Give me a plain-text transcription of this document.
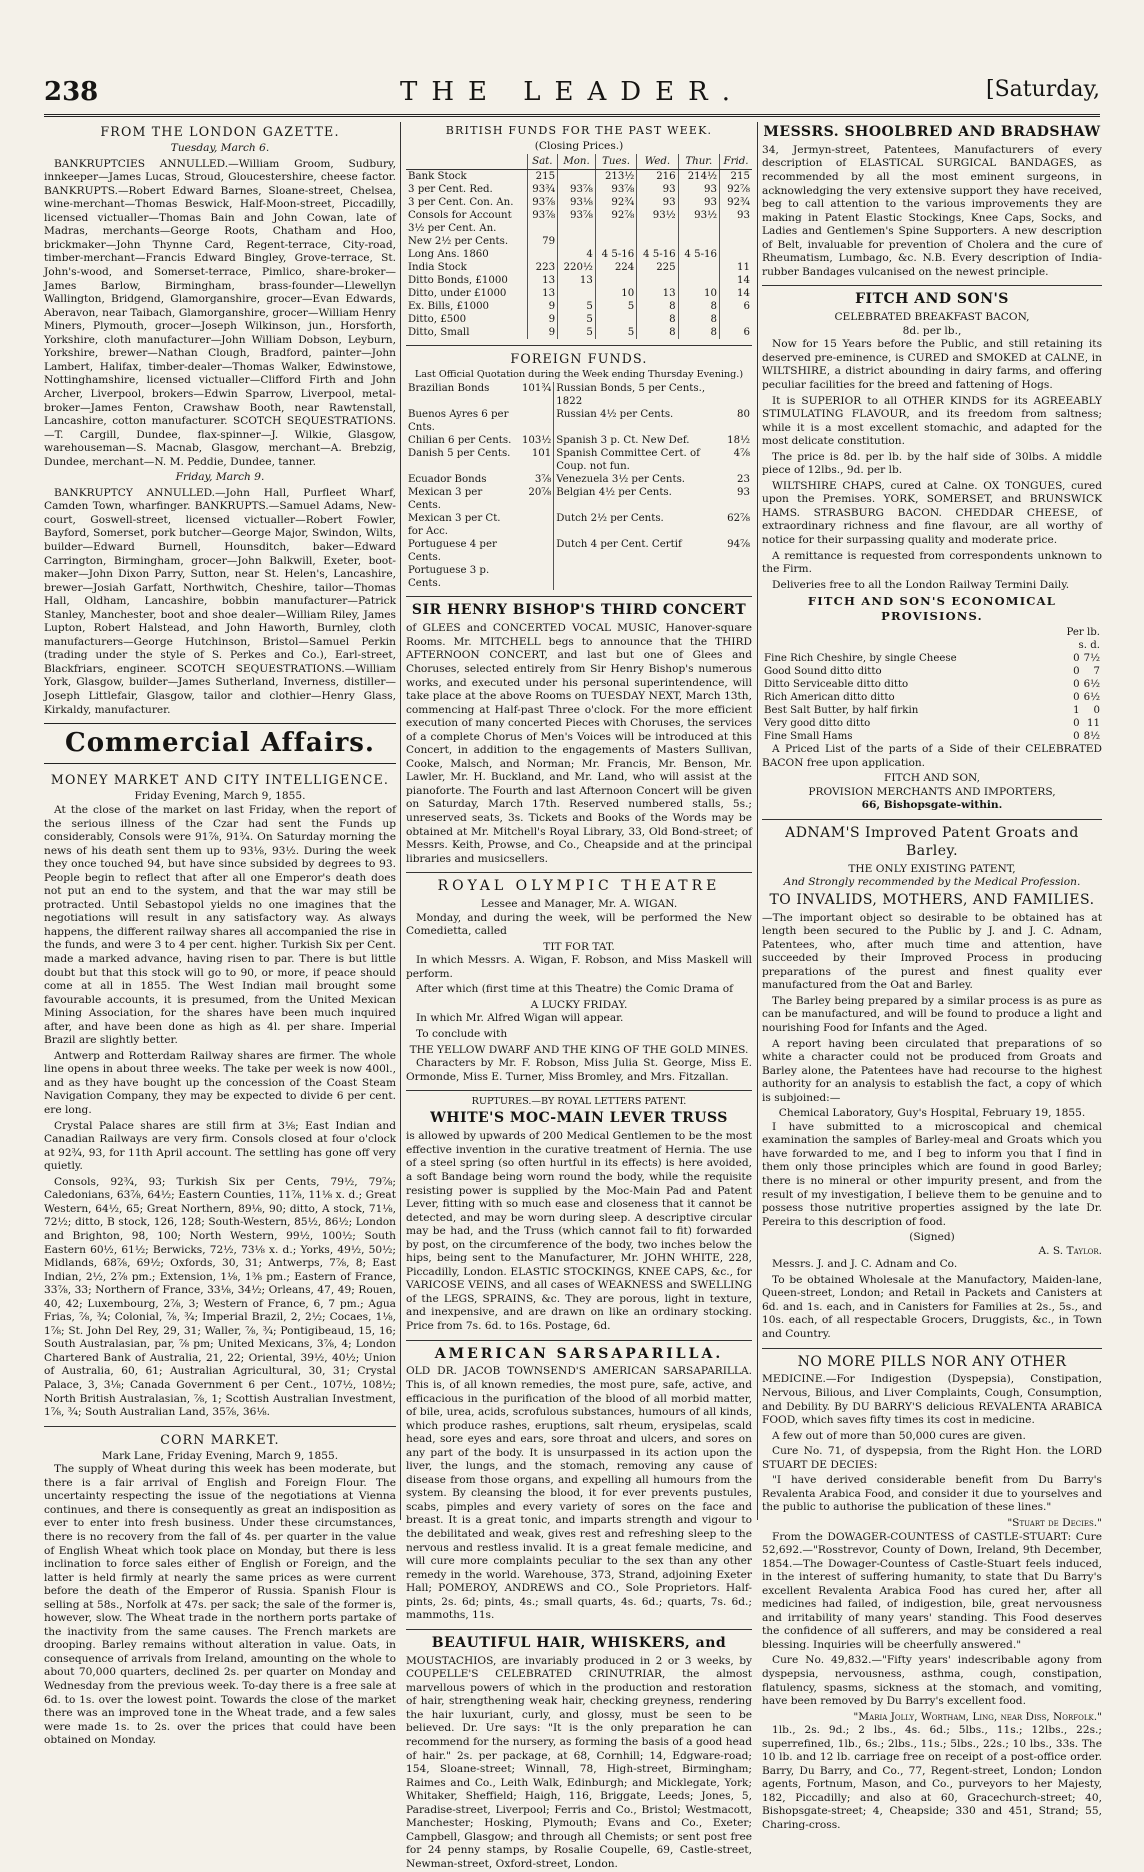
238	THE LEADER.	[Saturday,
FROM THE LONDON GAZETTE.
Tuesday, March 6.

BANKRUPTCIES ANNULLED.—William Groom, Sudbury, innkeeper—James Lucas, Stroud, Gloucestershire, cheese factor. BANKRUPTS.—Robert Edward Barnes, Sloane-street, Chelsea, wine-merchant—Thomas Beswick, Half-Moon-street, Piccadilly, licensed victualler—Thomas Bain and John Cowan, late of Madras, merchants—George Roots, Chatham and Hoo, brickmaker—John Thynne Card, Regent-terrace, City-road, timber-merchant—Francis Edward Bingley, Grove-terrace, St. John's-wood, and Somerset-terrace, Pimlico, share-broker—James Barlow, Birmingham, brass-founder—Llewellyn Wallington, Bridgend, Glamorganshire, grocer—Evan Edwards, Aberavon, near Taibach, Glamorganshire, grocer—William Henry Miners, Plymouth, grocer—Joseph Wilkinson, jun., Horsforth, Yorkshire, cloth manufacturer—John William Dobson, Leyburn, Yorkshire, brewer—Nathan Clough, Bradford, painter—John Lambert, Halifax, timber-dealer—Thomas Walker, Edwinstowe, Nottinghamshire, licensed victualler—Clifford Firth and John Archer, Liverpool, brokers—Edwin Sparrow, Liverpool, metal-broker—James Fenton, Crawshaw Booth, near Rawtenstall, Lancashire, cotton manufacturer. SCOTCH SEQUESTRATIONS.—T. Cargill, Dundee, flax-spinner—J. Wilkie, Glasgow, warehouseman—S. Macnab, Glasgow, merchant—A. Brebzig, Dundee, merchant—N. M. Peddie, Dundee, tanner.

Friday, March 9.

BANKRUPTCY ANNULLED.—John Hall, Purfleet Wharf, Camden Town, wharfinger. BANKRUPTS.—Samuel Adams, New-court, Goswell-street, licensed victualler—Robert Fowler, Bayford, Somerset, pork butcher—George Major, Swindon, Wilts, builder—Edward Burnell, Hounsditch, baker—Edward Carrington, Birmingham, grocer—John Balkwill, Exeter, boot-maker—John Dixon Parry, Sutton, near St. Helen's, Lancashire, brewer—Josiah Garfatt, Northwitch, Cheshire, tailor—Thomas Hall, Oldham, Lancashire, bobbin manufacturer—Patrick Stanley, Manchester, boot and shoe dealer—William Riley, James Lupton, Robert Halstead, and John Haworth, Burnley, cloth manufacturers—George Hutchinson, Bristol—Samuel Perkin (trading under the style of S. Perkes and Co.), Earl-street, Blackfriars, engineer. SCOTCH SEQUESTRATIONS.—William York, Glasgow, builder—James Sutherland, Inverness, distiller—Joseph Littlefair, Glasgow, tailor and clothier—Henry Glass, Kirkaldy, manufacturer.

Commercial Affairs.
MONEY MARKET AND CITY INTELLIGENCE.
Friday Evening, March 9, 1855.

At the close of the market on last Friday, when the report of the serious illness of the Czar had sent the Funds up considerably, Consols were 91⅞, 91¾. On Saturday morning the news of his death sent them up to 93⅛, 93½. During the week they once touched 94, but have since subsided by degrees to 93. People begin to reflect that after all one Emperor's death does not put an end to the system, and that the war may still be protracted. Until Sebastopol yields no one imagines that the negotiations will result in any satisfactory way. As always happens, the different railway shares all accompanied the rise in the funds, and were 3 to 4 per cent. higher. Turkish Six per Cent. made a marked advance, having risen to par. There is but little doubt but that this stock will go to 90, or more, if peace should come at all in 1855. The West Indian mail brought some favourable accounts, it is presumed, from the United Mexican Mining Association, for the shares have been much inquired after, and have been done as high as 4l. per share. Imperial Brazil are slightly better.

Antwerp and Rotterdam Railway shares are firmer. The whole line opens in about three weeks. The take per week is now 400l., and as they have bought up the concession of the Coast Steam Navigation Company, they may be expected to divide 6 per cent. ere long.

Crystal Palace shares are still firm at 3⅛; East Indian and Canadian Railways are very firm. Consols closed at four o'clock at 92¾, 93, for 11th April account. The settling has gone off very quietly.

Consols, 92¾, 93; Turkish Six per Cents, 79½, 79⅞; Caledonians, 63⅞, 64½; Eastern Counties, 11⅞, 11⅛ x. d.; Great Western, 64½, 65; Great Northern, 89⅛, 90; ditto, A stock, 71⅛, 72½; ditto, B stock, 126, 128; South-Western, 85½, 86½; London and Brighton, 98, 100; North Western, 99½, 100½; South Eastern 60½, 61½; Berwicks, 72½, 73⅛ x. d.; Yorks, 49½, 50½; Midlands, 68⅞, 69½; Oxfords, 30, 31; Antwerps, 7⅞, 8; East Indian, 2½, 2⅞ pm.; Extension, 1⅛, 1⅜ pm.; Eastern of France, 33⅞, 33; Northern of France, 33⅛, 34½; Orleans, 47, 49; Rouen, 40, 42; Luxembourg, 2⅞, 3; Western of France, 6, 7 pm.; Agua Frias, ⅞, ¾; Colonial, ⅞, ¾; Imperial Brazil, 2, 2½; Cocaes, 1⅛, 1⅞; St. John Del Rey, 29, 31; Waller, ⅞, ¾; Pontigibeaud, 15, 16; South Australasian, par, ⅞ pm; United Mexicans, 3⅞, 4; London Chartered Bank of Australia, 21, 22; Oriental, 39½, 40½; Union of Australia, 60, 61; Australian Agricultural, 30, 31; Crystal Palace, 3, 3⅛; Canada Government 6 per Cent., 107½, 108½; North British Australasian, ⅞, 1; Scottish Australian Investment, 1⅞, ¾; South Australian Land, 35⅞, 36⅛.

CORN MARKET.
Mark Lane, Friday Evening, March 9, 1855.

The supply of Wheat during this week has been moderate, but there is a fair arrival of English and Foreign Flour. The uncertainty respecting the issue of the negotiations at Vienna continues, and there is consequently as great an indisposition as ever to enter into fresh business. Under these circumstances, there is no recovery from the fall of 4s. per quarter in the value of English Wheat which took place on Monday, but there is less inclination to force sales either of English or Foreign, and the latter is held firmly at nearly the same prices as were current before the death of the Emperor of Russia. Spanish Flour is selling at 58s., Norfolk at 47s. per sack; the sale of the former is, however, slow. The Wheat trade in the northern ports partake of the inactivity from the same causes. The French markets are drooping. Barley remains without alteration in value. Oats, in consequence of arrivals from Ireland, amounting on the whole to about 70,000 quarters, declined 2s. per quarter on Monday and Wednesday from the previous week. To-day there is a free sale at 6d. to 1s. over the lowest point. Towards the close of the market there was an improved tone in the Wheat trade, and a few sales were made 1s. to 2s. over the prices that could have been obtained on Monday.

BRITISH FUNDS FOR THE PAST WEEK.
(Closing Prices.)
	Sat.	Mon.	Tues.	Wed.	Thur.	Frid.
Bank Stock	215		213½	216	214½	215
3 per Cent. Red.	93¾	93⅞	93⅞	93	93	92⅞
3 per Cent. Con. An.	93⅞	93⅛	92¾	93	93	92¾
Consols for Account	93⅞	93⅞	92⅞	93½	93½	93
3½ per Cent. An.						
New 2½ per Cents.	79					
Long Ans. 1860		4	4 5-16	4 5-16	4 5-16	
India Stock	223	220½	224	225		11
Ditto Bonds, £1000	13	13				14
Ditto, under £1000	13		10	13	10	14
Ex. Bills, £1000	9	5	5	8	8	6
Ditto, £500	9	5		8	8	
Ditto, Small	9	5	5	8	8	6
FOREIGN FUNDS.
Last Official Quotation during the Week ending Thursday Evening.)
Brazilian Bonds	101¾	Russian Bonds, 5 per Cents., 1822	
Buenos Ayres 6 per Cnts.		Russian 4½ per Cents.	80
Chilian 6 per Cents.	103½	Spanish 3 p. Ct. New Def.	18½
Danish 5 per Cents.	101	Spanish Committee Cert. of Coup. not fun.	4⅞
Ecuador Bonds	3⅞	Venezuela 3½ per Cents.	23
Mexican 3 per Cents.	20⅞	Belgian 4½ per Cents.	93
Mexican 3 per Ct. for Acc.		Dutch 2½ per Cents.	62⅞
Portuguese 4 per Cents.		Dutch 4 per Cent. Certif	94⅞
Portuguese 3 p. Cents.			
SIR HENRY BISHOP'S THIRD CONCERT

of GLEES and CONCERTED VOCAL MUSIC, Hanover-square Rooms. Mr. MITCHELL begs to announce that the THIRD AFTERNOON CONCERT, and last but one of Glees and Choruses, selected entirely from Sir Henry Bishop's numerous works, and executed under his personal superintendence, will take place at the above Rooms on TUESDAY NEXT, March 13th, commencing at Half-past Three o'clock. For the more efficient execution of many concerted Pieces with Choruses, the services of a complete Chorus of Men's Voices will be introduced at this Concert, in addition to the engagements of Masters Sullivan, Cooke, Malsch, and Norman; Mr. Francis, Mr. Benson, Mr. Lawler, Mr. H. Buckland, and Mr. Land, who will assist at the pianoforte. The Fourth and last Afternoon Concert will be given on Saturday, March 17th. Reserved numbered stalls, 5s.; unreserved seats, 3s. Tickets and Books of the Words may be obtained at Mr. Mitchell's Royal Library, 33, Old Bond-street; of Messrs. Keith, Prowse, and Co., Cheapside and at the principal libraries and musicsellers.

ROYAL OLYMPIC THEATRE
Lessee and Manager, Mr. A. WIGAN.

Monday, and during the week, will be performed the New Comedietta, called

TIT FOR TAT.

In which Messrs. A. Wigan, F. Robson, and Miss Maskell will perform.

After which (first time at this Theatre) the Comic Drama of

A LUCKY FRIDAY.

In which Mr. Alfred Wigan will appear.

To conclude with

THE YELLOW DWARF AND THE KING OF THE GOLD MINES.

Characters by Mr. F. Robson, Miss Julia St. George, Miss E. Ormonde, Miss E. Turner, Miss Bromley, and Mrs. Fitzallan.

RUPTURES.—BY ROYAL LETTERS PATENT.
WHITE'S MOC-MAIN LEVER TRUSS

is allowed by upwards of 200 Medical Gentlemen to be the most effective invention in the curative treatment of Hernia. The use of a steel spring (so often hurtful in its effects) is here avoided, a soft Bandage being worn round the body, while the requisite resisting power is supplied by the Moc-Main Pad and Patent Lever, fitting with so much ease and closeness that it cannot be detected, and may be worn during sleep. A descriptive circular may be had, and the Truss (which cannot fail to fit) forwarded by post, on the circumference of the body, two inches below the hips, being sent to the Manufacturer, Mr. JOHN WHITE, 228, Piccadilly, London. ELASTIC STOCKINGS, KNEE CAPS, &c., for VARICOSE VEINS, and all cases of WEAKNESS and SWELLING of the LEGS, SPRAINS, &c. They are porous, light in texture, and inexpensive, and are drawn on like an ordinary stocking. Price from 7s. 6d. to 16s. Postage, 6d.

AMERICAN SARSAPARILLA.

OLD DR. JACOB TOWNSEND'S AMERICAN SARSAPARILLA. This is, of all known remedies, the most pure, safe, active, and efficacious in the purification of the blood of all morbid matter, of bile, urea, acids, scrofulous substances, humours of all kinds, which produce rashes, eruptions, salt rheum, erysipelas, scald head, sore eyes and ears, sore throat and ulcers, and sores on any part of the body. It is unsurpassed in its action upon the liver, the lungs, and the stomach, removing any cause of disease from those organs, and expelling all humours from the system. By cleansing the blood, it for ever prevents pustules, scabs, pimples and every variety of sores on the face and breast. It is a great tonic, and imparts strength and vigour to the debilitated and weak, gives rest and refreshing sleep to the nervous and restless invalid. It is a great female medicine, and will cure more complaints peculiar to the sex than any other remedy in the world. Warehouse, 373, Strand, adjoining Exeter Hall; POMEROY, ANDREWS and CO., Sole Proprietors. Half-pints, 2s. 6d; pints, 4s.; small quarts, 4s. 6d.; quarts, 7s. 6d.; mammoths, 11s.

BEAUTIFUL HAIR, WHISKERS, and

MOUSTACHIOS, are invariably produced in 2 or 3 weeks, by COUPELLE'S CELEBRATED CRINUTRIAR, the almost marvellous powers of which in the production and restoration of hair, strengthening weak hair, checking greyness, rendering the hair luxuriant, curly, and glossy, must be seen to be believed. Dr. Ure says: "It is the only preparation he can recommend for the nursery, as forming the basis of a good head of hair." 2s. per package, at 68, Cornhill; 14, Edgware-road; 154, Sloane-street; Winnall, 78, High-street, Birmingham; Raimes and Co., Leith Walk, Edinburgh; and Micklegate, York; Whitaker, Sheffield; Haigh, 116, Briggate, Leeds; Jones, 5, Paradise-street, Liverpool; Ferris and Co., Bristol; Westmacott, Manchester; Hosking, Plymouth; Evans and Co., Exeter; Campbell, Glasgow; and through all Chemists; or sent post free for 24 penny stamps, by Rosalie Coupelle, 69, Castle-street, Newman-street, Oxford-street, London.

MESSRS. SHOOLBRED AND BRADSHAW

34, Jermyn-street, Patentees, Manufacturers of every description of ELASTICAL SURGICAL BANDAGES, as recommended by all the most eminent surgeons, in acknowledging the very extensive support they have received, beg to call attention to the various improvements they are making in Patent Elastic Stockings, Knee Caps, Socks, and Ladies and Gentlemen's Spine Supporters. A new description of Belt, invaluable for prevention of Cholera and the cure of Rheumatism, Lumbago, &c. N.B. Every description of India-rubber Bandages vulcanised on the newest principle.

FITCH AND SON'S
CELEBRATED BREAKFAST BACON,
8d. per lb.,

Now for 15 Years before the Public, and still retaining its deserved pre-eminence, is CURED and SMOKED at CALNE, in WILTSHIRE, a district abounding in dairy farms, and offering peculiar facilities for the breed and fattening of Hogs.

It is SUPERIOR to all OTHER KINDS for its AGREEABLY STIMULATING FLAVOUR, and its freedom from saltness; while it is a most excellent stomachic, and adapted for the most delicate constitution.

The price is 8d. per lb. by the half side of 30lbs. A middle piece of 12lbs., 9d. per lb.

WILTSHIRE CHAPS, cured at Calne. OX TONGUES, cured upon the Premises. YORK, SOMERSET, and BRUNSWICK HAMS. STRASBURG BACON. CHEDDAR CHEESE, of extraordinary richness and fine flavour, are all worthy of notice for their surpassing quality and moderate price.

A remittance is requested from correspondents unknown to the Firm.

Deliveries free to all the London Railway Termini Daily.

FITCH AND SON'S ECONOMICAL PROVISIONS.
	Per lb.	
	s. d.	
Fine Rich Cheshire, by single Cheese	0	7½
Good Sound ditto ditto	0	7
Ditto Serviceable ditto ditto	0	6½
Rich American ditto ditto	0	6½
Best Salt Butter, by half firkin	1	0
Very good ditto ditto	0	11
Fine Small Hams	0	8½

A Priced List of the parts of a Side of their CELEBRATED BACON free upon application.

FITCH AND SON,
PROVISION MERCHANTS AND IMPORTERS,
66, Bishopsgate-within.
ADNAM'S Improved Patent Groats and Barley.
THE ONLY EXISTING PATENT,
And Strongly recommended by the Medical Profession.
TO INVALIDS, MOTHERS, AND FAMILIES.

—The important object so desirable to be obtained has at length been secured to the Public by J. and J. C. Adnam, Patentees, who, after much time and attention, have succeeded by their Improved Process in producing preparations of the purest and finest quality ever manufactured from the Oat and Barley.

The Barley being prepared by a similar process is as pure as can be manufactured, and will be found to produce a light and nourishing Food for Infants and the Aged.

A report having been circulated that preparations of so white a character could not be produced from Groats and Barley alone, the Patentees have had recourse to the highest authority for an analysis to establish the fact, a copy of which is subjoined:—

Chemical Laboratory, Guy's Hospital, February 19, 1855.

I have submitted to a microscopical and chemical examination the samples of Barley-meal and Groats which you have forwarded to me, and I beg to inform you that I find in them only those principles which are found in good Barley; there is no mineral or other impurity present, and from the result of my investigation, I believe them to be genuine and to possess those nutritive properties assigned by the late Dr. Pereira to this description of food.

(Signed)
A. S. Taylor.

Messrs. J. and J. C. Adnam and Co.

To be obtained Wholesale at the Manufactory, Maiden-lane, Queen-street, London; and Retail in Packets and Canisters at 6d. and 1s. each, and in Canisters for Families at 2s., 5s., and 10s. each, of all respectable Grocers, Druggists, &c., in Town and Country.

NO MORE PILLS NOR ANY OTHER

MEDICINE.—For Indigestion (Dyspepsia), Constipation, Nervous, Bilious, and Liver Complaints, Cough, Consumption, and Debility. By DU BARRY'S delicious REVALENTA ARABICA FOOD, which saves fifty times its cost in medicine.

A few out of more than 50,000 cures are given.

Cure No. 71, of dyspepsia, from the Right Hon. the LORD STUART DE DECIES:

"I have derived considerable benefit from Du Barry's Revalenta Arabica Food, and consider it due to yourselves and the public to authorise the publication of these lines."

"Stuart de Decies."

From the DOWAGER-COUNTESS of CASTLE-STUART: Cure 52,692.—"Rosstrevor, County of Down, Ireland, 9th December, 1854.—The Dowager-Countess of Castle-Stuart feels induced, in the interest of suffering humanity, to state that Du Barry's excellent Revalenta Arabica Food has cured her, after all medicines had failed, of indigestion, bile, great nervousness and irritability of many years' standing. This Food deserves the confidence of all sufferers, and may be considered a real blessing. Inquiries will be cheerfully answered."

Cure No. 49,832.—"Fifty years' indescribable agony from dyspepsia, nervousness, asthma, cough, constipation, flatulency, spasms, sickness at the stomach, and vomiting, have been removed by Du Barry's excellent food.

"Maria Jolly, Wortham, Ling, near Diss, Norfolk."

1lb., 2s. 9d.; 2 lbs., 4s. 6d.; 5lbs., 11s.; 12lbs., 22s.; superrefined, 1lb., 6s.; 2lbs., 11s.; 5lbs., 22s.; 10 lbs., 33s. The 10 lb. and 12 lb. carriage free on receipt of a post-office order. Barry, Du Barry, and Co., 77, Regent-street, London; London agents, Fortnum, Mason, and Co., purveyors to her Majesty, 182, Piccadilly; and also at 60, Gracechurch-street; 40, Bishopsgate-street; 4, Cheapside; 330 and 451, Strand; 55, Charing-cross.
